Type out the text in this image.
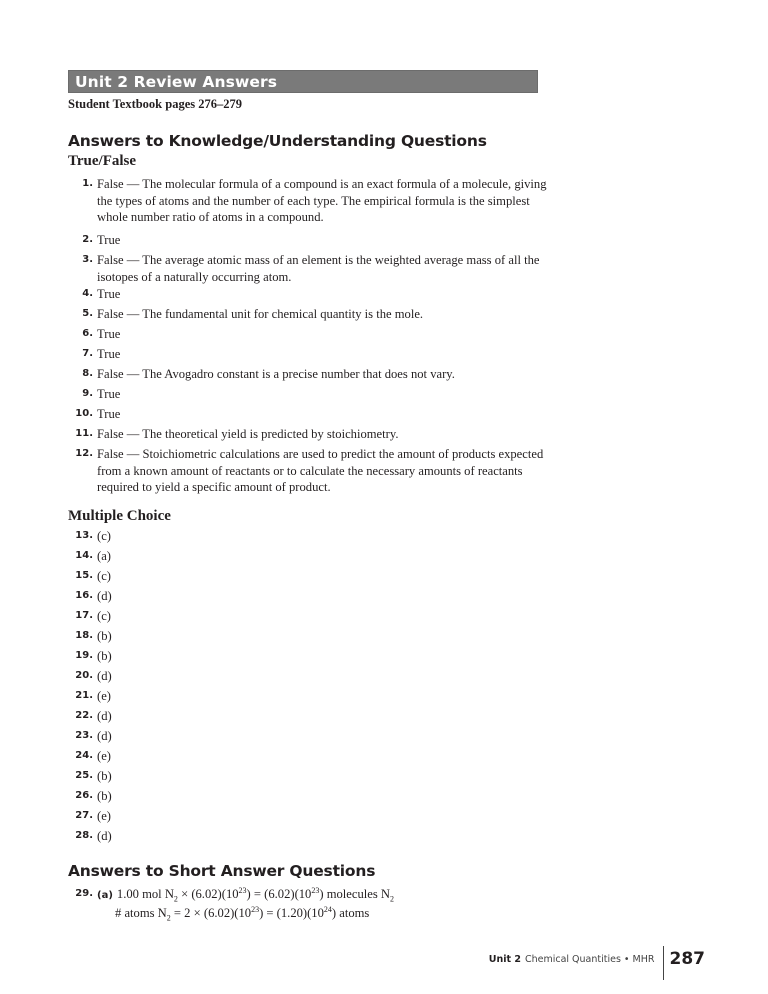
Unit 2 Review Answers
Student Textbook pages 276–279
Answers to Knowledge/Understanding Questions
True/False
1. False — The molecular formula of a compound is an exact formula of a molecule, giving the types of atoms and the number of each type. The empirical formula is the simplest whole number ratio of atoms in a compound.
2. True
3. False — The average atomic mass of an element is the weighted average mass of all the isotopes of a naturally occurring atom.
4. True
5. False — The fundamental unit for chemical quantity is the mole.
6. True
7. True
8. False — The Avogadro constant is a precise number that does not vary.
9. True
10. True
11. False — The theoretical yield is predicted by stoichiometry.
12. False — Stoichiometric calculations are used to predict the amount of products expected from a known amount of reactants or to calculate the necessary amounts of reactants required to yield a specific amount of product.
Multiple Choice
13. (c)
14. (a)
15. (c)
16. (d)
17. (c)
18. (b)
19. (b)
20. (d)
21. (e)
22. (d)
23. (d)
24. (e)
25. (b)
26. (b)
27. (e)
28. (d)
Answers to Short Answer Questions
29. (a) 1.00 mol $N_2 \times (6.02)(10^{23}) = (6.02)(10^{23})$ molecules $N_2$
# atoms $N_2 = 2 \times (6.02)(10^{23}) = (1.20)(10^{24})$ atoms
Unit 2 Chemical Quantities • MHR 287
